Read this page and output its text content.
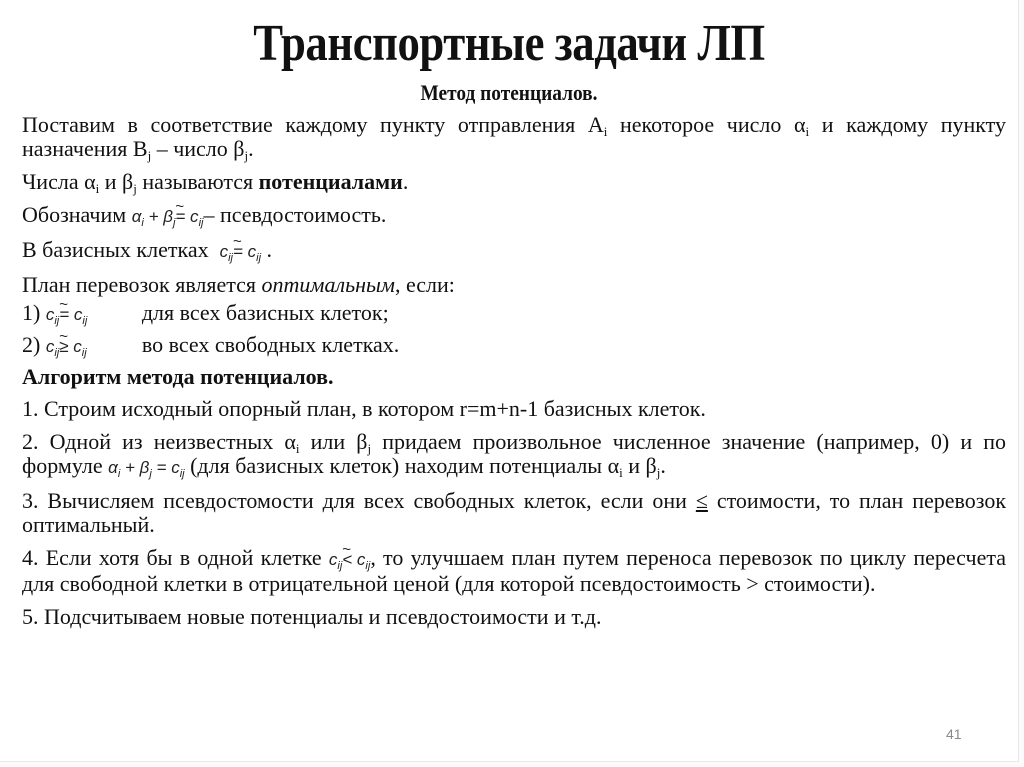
Транспортные задачи ЛП
Метод потенциалов.

Поставим в соответствие каждому пункту отправления $A_i$ некоторое число $\alpha_i$ и каждому пункту назначения $B_j$ – число $\beta_j$.

Числа $\alpha_i$ и $\beta_j$ называются потенциалами.

Обозначим $\alpha_i$ + $\beta_j\sim = c_{ij}-$ псевдостоимость.

В базисных клетках  $c_{ij}\sim = c_{ij}$ .

План перевозок является оптимальным, если:

1) $c_{ij}\sim = c_{ij}$ для всех базисных клеток;

2) $c_{ij}\sim \ge c_{ij}$	во всех свободных клетках.

Алгоритм метода потенциалов.

1. Строим исходный опорный план, в котором r=m+n-1 базисных клеток.

2. Одной из неизвестных $\alpha_i$ или $\beta_j$ придаем произвольное численное значение (например, 0) и по формуле $\alpha_i + \beta_j = c_{ij}$ (для базисных клеток) находим потенциалы $\alpha_i$ и $\beta_j$.

3. Вычисляем псевдостомости для всех свободных клеток, если они ≤ стоимости, то план перевозок оптимальный.

4. Если хотя бы в одной клетке $c_{ij}\sim < c_{ij}$, то улучшаем план путем переноса перевозок по циклу пересчета для свободной клетки в отрицательной ценой (для которой псевдостоимость > стоимости).

5. Подсчитываем новые потенциалы и псевдостоимости и т.д.

41
